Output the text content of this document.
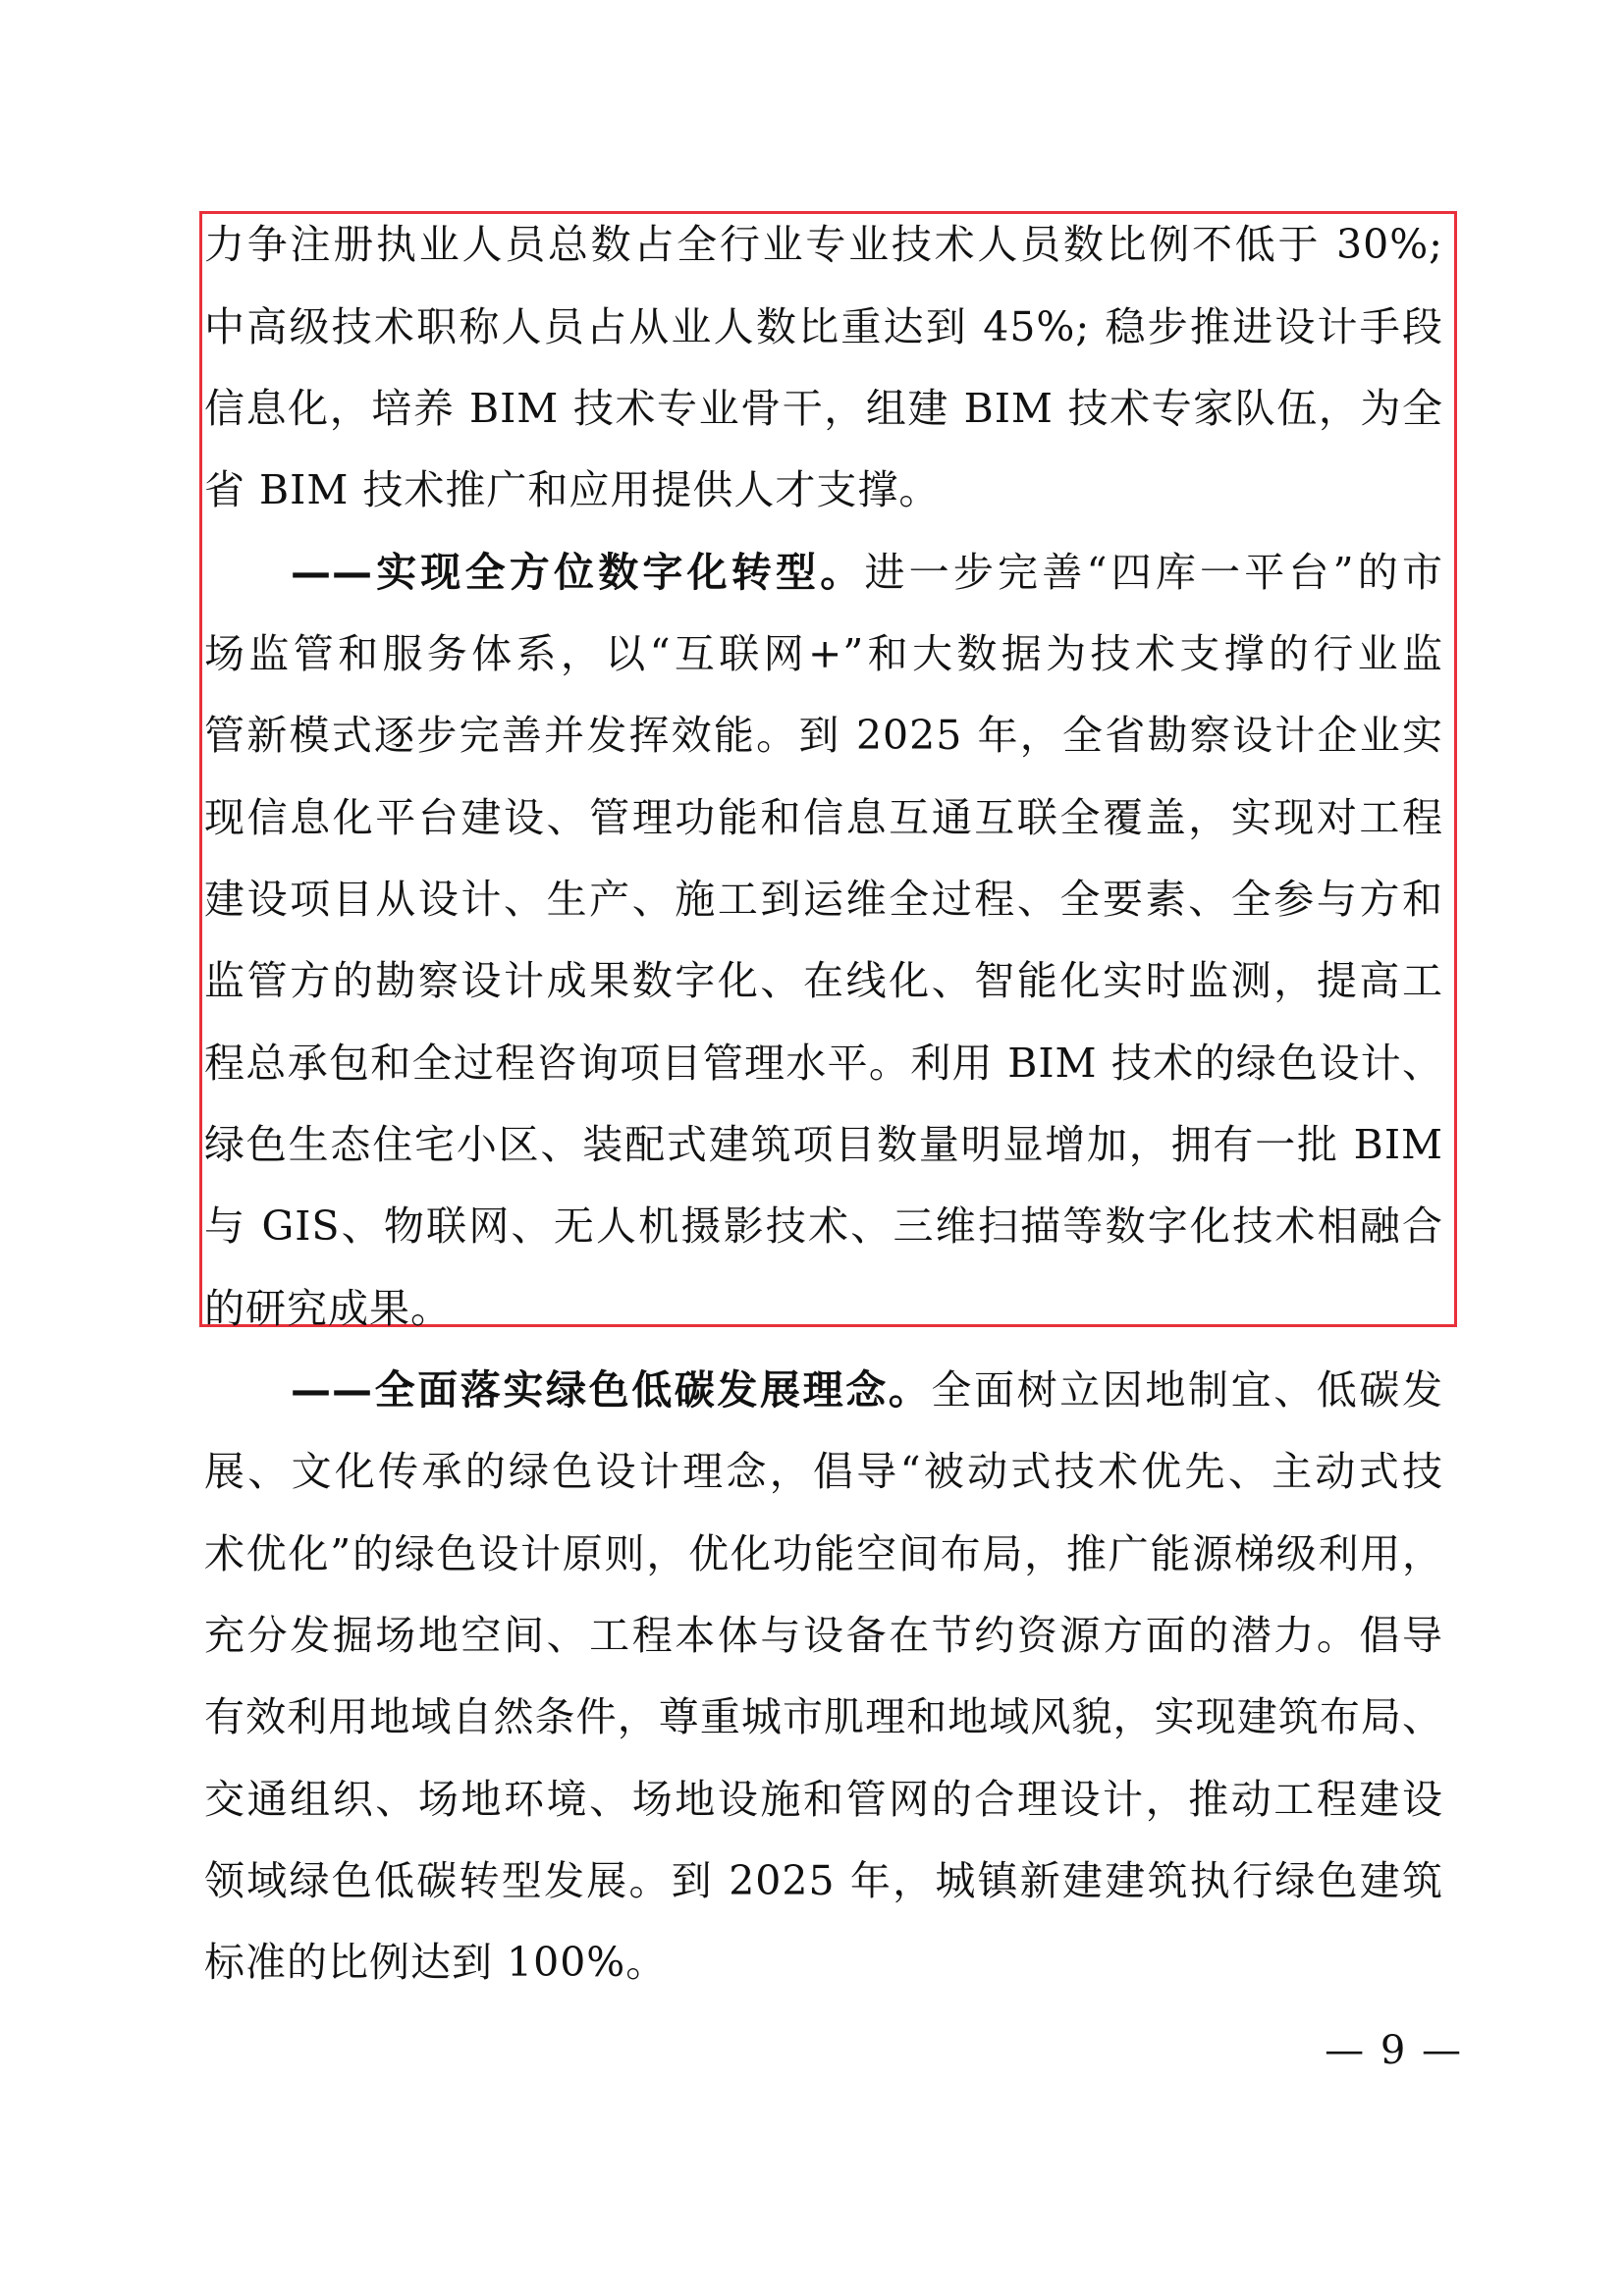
力争注册执业人员总数占全行业专业技术人员数比例不低于 30%;
中高级技术职称人员占从业人数比重达到 45%; 稳步推进设计手段
信息化，培养 BIM 技术专业骨干，组建 BIM 技术专家队伍，为全
省 BIM 技术推广和应用提供人才支撑。
——实现全方位数字化转型。进一步完善“四库一平台”的市
场监管和服务体系，以“互联网+”和大数据为技术支撑的行业监
管新模式逐步完善并发挥效能。到 2025 年，全省勘察设计企业实
现信息化平台建设、管理功能和信息互通互联全覆盖，实现对工程
建设项目从设计、生产、施工到运维全过程、全要素、全参与方和
监管方的勘察设计成果数字化、在线化、智能化实时监测，提高工
程总承包和全过程咨询项目管理水平。利用 BIM 技术的绿色设计、
绿色生态住宅小区、装配式建筑项目数量明显增加，拥有一批 BIM
与 GIS、物联网、无人机摄影技术、三维扫描等数字化技术相融合
的研究成果。
——全面落实绿色低碳发展理念。全面树立因地制宜、低碳发
展、文化传承的绿色设计理念，倡导“被动式技术优先、主动式技
术优化”的绿色设计原则，优化功能空间布局，推广能源梯级利用，
充分发掘场地空间、工程本体与设备在节约资源方面的潜力。倡导
有效利用地域自然条件，尊重城市肌理和地域风貌，实现建筑布局、
交通组织、场地环境、场地设施和管网的合理设计，推动工程建设
领域绿色低碳转型发展。到 2025 年，城镇新建建筑执行绿色建筑
标准的比例达到 100%。
— 9 —
